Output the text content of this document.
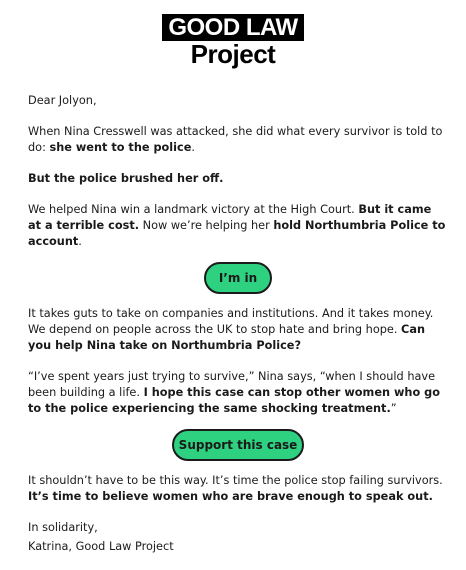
GOOD LAW
Project

Dear Jolyon,

When Nina Cresswell was attacked, she did what every survivor is told to do: she went to the police.

But the police brushed her off.

We helped Nina win a landmark victory at the High Court. But it came at a terrible cost. Now we’re helping her hold Northumbria Police to account.

I’m in

It takes guts to take on companies and institutions. And it takes money. We depend on people across the UK to stop hate and bring hope. Can you help Nina take on Northumbria Police?

“I’ve spent years just trying to survive,” Nina says, “when I should have been building a life. I hope this case can stop other women who go to the police experiencing the same shocking treatment.”

Support this case

It shouldn’t have to be this way. It’s time the police stop failing survivors. It’s time to believe women who are brave enough to speak out.

In solidarity,

Katrina, Good Law Project
